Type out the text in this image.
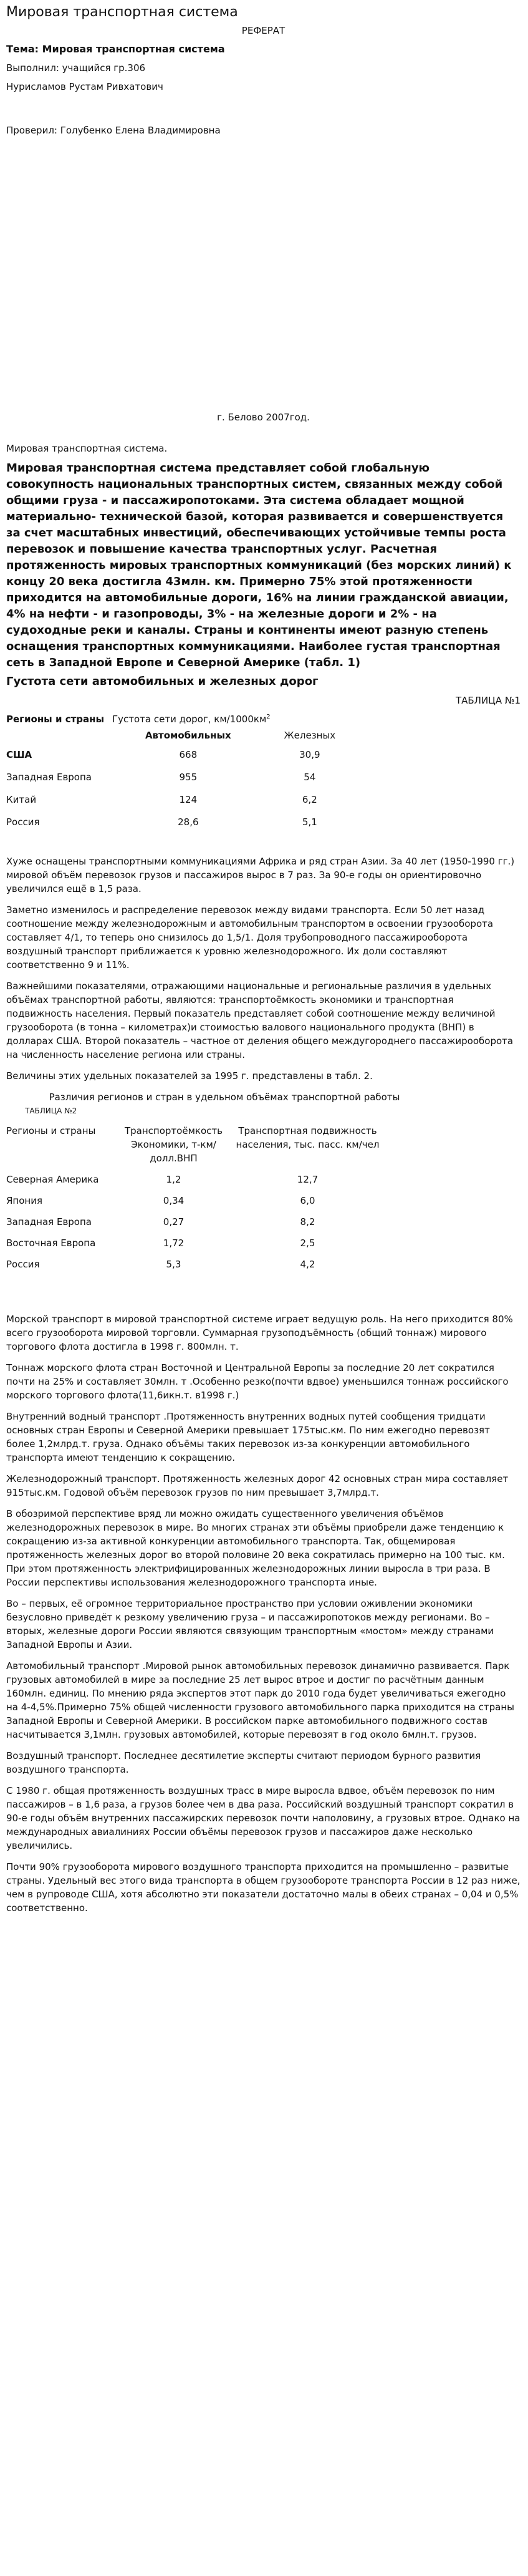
Мировая транспортная система
РЕФЕРАТ
Тема: Мировая транспортная система
Выполнил: учащийся гр.306
Нурисламов Рустам Ривхатович
Проверил: Голубенко Елена Владимировна
г. Белово 2007год.
Мировая транспортная система.
Мировая транспортная система представляет собой глобальную совокупность национальных транспортных систем, связанных между собой общими груза - и пассажиропотоками. Эта система обладает мощной материально- технической базой, которая развивается и совершенствуется за счет масштабных инвестиций, обеспечивающих устойчивые темпы роста перевозок и повышение качества транспортных услуг. Расчетная протяженность мировых транспортных коммуникаций (без морских линий) к концу 20 века достигла 43млн. км. Примерно 75% этой протяженности приходится на автомобильные дороги, 16% на линии гражданской авиации, 4% на нефти - и газопроводы, 3% - на железные дороги и 2% - на судоходные реки и каналы. Страны и континенты имеют разную степень оснащения транспортных коммуникациями. Наиболее густая транспортная сеть в Западной Европе и Северной Америке (табл. 1)
Густота сети автомобильных и железных дорог
ТАБЛИЦА №1
Регионы и страны	Густота сети дорог, $км/1000км^2$
	Автомобильных	Железных
США	668	30,9
Западная Европа	955	54
Китай	124	6,2
Россия	28,6	5,1
Хуже оснащены транспортными коммуникациями Африка и ряд стран Азии. За 40 лет (1950-1990 гг.) мировой объём перевозок грузов и пассажиров вырос в 7 раз. За 90-е годы он ориентировочно увеличился ещё в 1,5 раза.
Заметно изменилось и распределение перевозок между видами транспорта. Если 50 лет назад соотношение между железнодорожным и автомобильным транспортом в освоении грузооборота составляет 4/1, то теперь оно снизилось до 1,5/1. Доля трубопроводного пассажирооборота воздушный транспорт приближается к уровню железнодорожного. Их доли составляют соответственно 9 и 11%.
Важнейшими показателями, отражающими национальные и региональные различия в удельных объёмах транспортной работы, являются: транспортоёмкость экономики и транспортная подвижность населения. Первый показатель представляет собой соотношение между величиной грузооборота (в тонна – километрах)и стоимостью валового национального продукта (ВНП) в долларах США. Второй показатель – частное от деления общего междугороднего пассажирооборота на численность население региона или страны.
Величины этих удельных показателей за 1995 г. представлены в табл. 2.
Различия регионов и стран в удельном объёмах транспортной работы
ТАБЛИЦА №2
Регионы и страны	Транспортоёмкость Экономики, т-км/долл.ВНП	Транспортная подвижность населения, тыс. пасс. км/чел
Северная Америка	1,2	12,7
Япония	0,34	6,0
Западная Европа	0,27	8,2
Восточная Европа	1,72	2,5
Россия	5,3	4,2
Морской транспорт в мировой транспортной системе играет ведущую роль. На него приходится 80% всего грузооборота мировой торговли. Суммарная грузоподъёмность (общий тоннаж) мирового торгового флота достигла в 1998 г. 800млн. т.
Тоннаж морского флота стран Восточной и Центральной Европы за последние 20 лет сократился почти на 25% и составляет 30млн. т .Особенно резко(почти вдвое) уменьшился тоннаж российского морского торгового флота(11,6икн.т. в1998 г.)
Внутренний водный транспорт .Протяженность внутренних водных путей сообщения тридцати основных стран Европы и Северной Америки превышает 175тыс.км. По ним ежегодно перевозят более 1,2млрд.т. груза. Однако объёмы таких перевозок из-за конкуренции автомобильного транспорта имеют тенденцию к сокращению.
Железнодорожный транспорт. Протяженность железных дорог 42 основных стран мира составляет 915тыс.км. Годовой объём перевозок грузов по ним превышает 3,7млрд.т.
В обозримой перспективе вряд ли можно ожидать существенного увеличения объёмов железнодорожных перевозок в мире. Во многих странах эти объёмы приобрели даже тенденцию к сокращению из-за активной конкуренции автомобильного транспорта. Так, общемировая протяженность железных дорог во второй половине 20 века сократилась примерно на 100 тыс. км. При этом протяженность электрифицированных железнодорожных линии выросла в три раза. В России перспективы использования железнодорожного транспорта иные.
Во – первых, её огромное территориальное пространство при условии оживлении экономики безусловно приведёт к резкому увеличению груза – и пассажиропотоков между регионами. Во – вторых, железные дороги России являются связующим транспортным «мостом» между странами Западной Европы и Азии.
Автомобильный транспорт .Мировой рынок автомобильных перевозок динамично развивается. Парк грузовых автомобилей в мире за последние 25 лет вырос втрое и достиг по расчётным данным 160млн. единиц. По мнению ряда экспертов этот парк до 2010 года будет увеличиваться ежегодно на 4-4,5%.Примерно 75% общей численности грузового автомобильного парка приходится на страны Западной Европы и Северной Америки. В российском парке автомобильного подвижного состав насчитывается 3,1млн. грузовых автомобилей, которые перевозят в год около 6млн.т. грузов.
Воздушный транспорт. Последнее десятилетие эксперты считают периодом бурного развития воздушного транспорта.
С 1980 г. общая протяженность воздушных трасс в мире выросла вдвое, объём перевозок по ним пассажиров – в 1,6 раза, а грузов более чем в два раза. Российский воздушный транспорт сократил в 90-е годы объём внутренних пассажирских перевозок почти наполовину, а грузовых втрое. Однако на международных авиалиниях России объёмы перевозок грузов и пассажиров даже несколько увеличились.
Почти 90% грузооборота мирового воздушного транспорта приходится на промышленно – развитые страны. Удельный вес этого вида транспорта в общем грузообороте транспорта России в 12 раз ниже, чем в рупроводе США, хотя абсолютно эти показатели достаточно малы в обеих странах – 0,04 и 0,5% соответственно.
